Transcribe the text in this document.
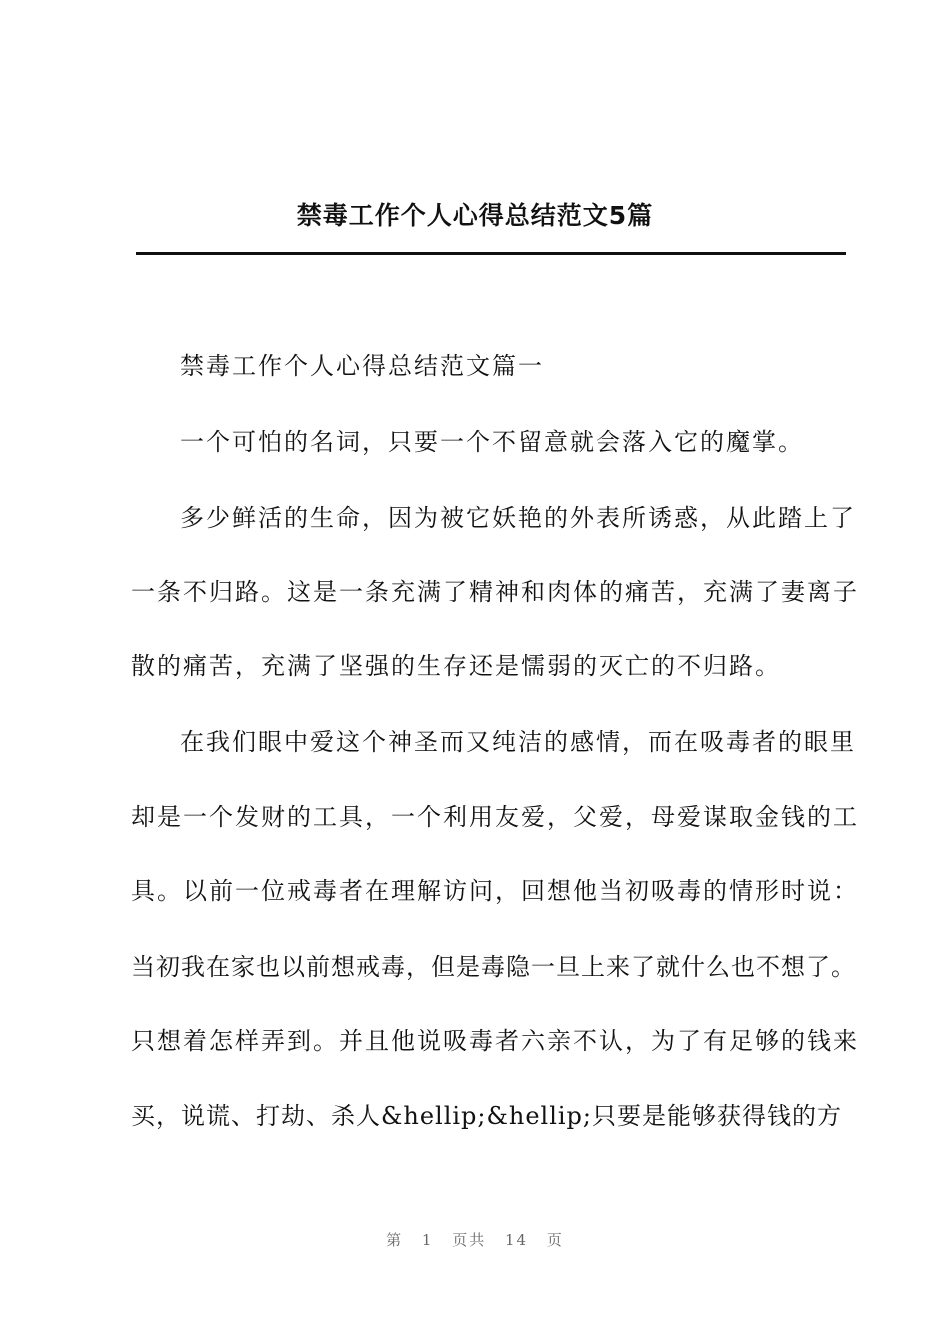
禁毒工作个人心得总结范文5篇
禁毒工作个人心得总结范文篇一
一个可怕的名词，只要一个不留意就会落入它的魔掌。
多少鲜活的生命，因为被它妖艳的外表所诱惑，从此踏上了
一条不归路。这是一条充满了精神和肉体的痛苦，充满了妻离子
散的痛苦，充满了坚强的生存还是懦弱的灭亡的不归路。
在我们眼中爱这个神圣而又纯洁的感情，而在吸毒者的眼里
却是一个发财的工具，一个利用友爱，父爱，母爱谋取金钱的工
具。以前一位戒毒者在理解访问，回想他当初吸毒的情形时说：
当初我在家也以前想戒毒，但是毒隐一旦上来了就什么也不想了。
只想着怎样弄到。并且他说吸毒者六亲不认，为了有足够的钱来
买，说谎、打劫、杀人&hellip;&hellip;只要是能够获得钱的方
第 1 页共 14 页
